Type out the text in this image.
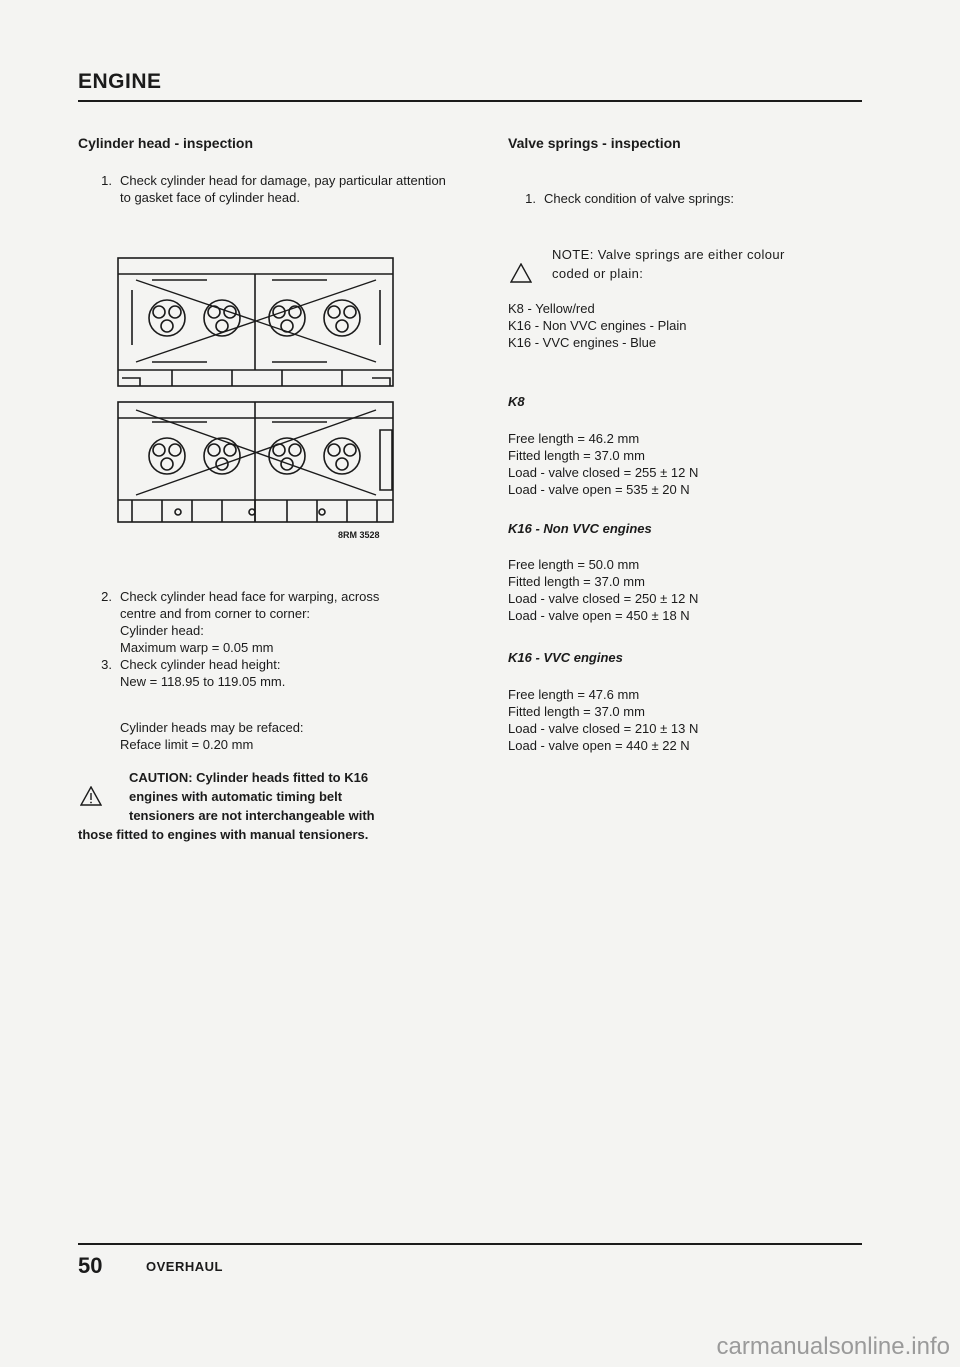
ENGINE
Cylinder head - inspection
1. Check cylinder head for damage, pay particular attention to gasket face of cylinder head.
8RM 3528
2. Check cylinder head face for warping, across
centre and from corner to corner:
Cylinder head:
Maximum warp = 0.05 mm
3. Check cylinder head height:
New = 118.95 to 119.05 mm.
Cylinder heads may be refaced:
Reface limit = 0.20 mm
CAUTION: Cylinder heads fitted to K16
engines with automatic timing belt
tensioners are not interchangeable with
those fitted to engines with manual tensioners.
Valve springs - inspection
1. Check condition of valve springs:
NOTE: Valve springs are either colour
coded or plain:
K8 - Yellow/red
K16 - Non VVC engines - Plain
K16 - VVC engines - Blue
K8
Free length = 46.2 mm
Fitted length = 37.0 mm
Load - valve closed = 255 ± 12 N
Load - valve open = 535 ± 20 N
K16 - Non VVC engines
Free length = 50.0 mm
Fitted length = 37.0 mm
Load - valve closed = 250 ± 12 N
Load - valve open = 450 ± 18 N
K16 - VVC engines
Free length = 47.6 mm
Fitted length = 37.0 mm
Load - valve closed = 210 ± 13 N
Load - valve open = 440 ± 22 N
50	OVERHAUL
carmanualsonline.info
